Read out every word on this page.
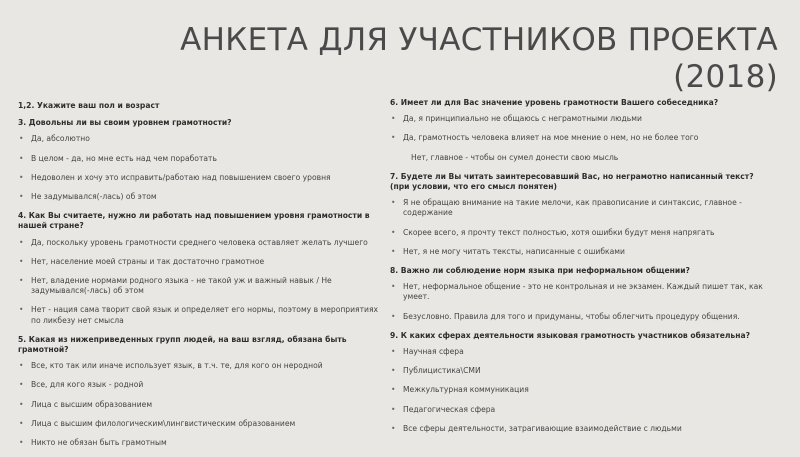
АНКЕТА ДЛЯ УЧАСТНИКОВ ПРОЕКТА (2018)
1,2. Укажите ваш пол и возраст
3. Довольны ли вы своим уровнем грамотности?
• Да, абсолютно
• В целом - да, но мне есть над чем поработать
• Недоволен и хочу это исправить/работаю над повышением своего уровня
• Не задумывался(-лась) об этом
4. Как Вы считаете, нужно ли работать над повышением уровня грамотности в нашей стране?
• Да, поскольку уровень грамотности среднего человека оставляет желать лучшего
• Нет, население моей страны и так достаточно грамотное
• Нет, владение нормами родного языка - не такой уж и важный навык / Не задумывался(-лась) об этом
• Нет - нация сама творит свой язык и определяет его нормы, поэтому в мероприятиях по ликбезу нет смысла
5. Какая из нижеприведенных групп людей, на ваш взгляд, обязана быть грамотной?
• Все, кто так или иначе использует язык, в т.ч. те, для кого он неродной
• Все, для кого язык - родной
• Лица с высшим образованием
• Лица с высшим филологическим\лингвистическим образованием
• Никто не обязан быть грамотным
6. Имеет ли для Вас значение уровень грамотности Вашего собеседника?
• Да, я принципиально не общаюсь с неграмотными людьми
• Да, грамотность человека влияет на мое мнение о нем, но не более того
Нет, главное - чтобы он сумел донести свою мысль
7. Будете ли Вы читать заинтересовавший Вас, но неграмотно написанный текст? (при условии, что его смысл понятен)
• Я не обращаю внимание на такие мелочи, как правописание и синтаксис, главное - содержание
• Скорее всего, я прочту текст полностью, хотя ошибки будут меня напрягать
• Нет, я не могу читать тексты, написанные с ошибками
8. Важно ли соблюдение норм языка при неформальном общении?
• Нет, неформальное общение - это не контрольная и не экзамен. Каждый пишет так, как умеет.
• Безусловно. Правила для того и придуманы, чтобы облегчить процедуру общения.
9. К каких сферах деятельности языковая грамотность участников обязательна?
• Научная сфера
• Публицистика\СМИ
• Межкультурная коммуникация
• Педагогическая сфера
• Все сферы деятельности, затрагивающие взаимодействие с людьми
